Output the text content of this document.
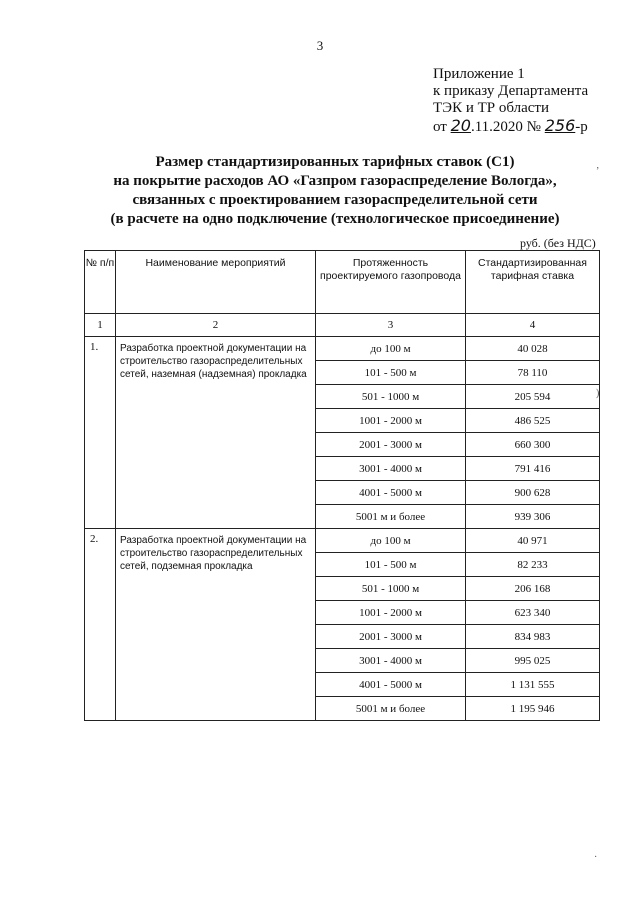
3
Приложение 1
к приказу Департамента
ТЭК и ТР области
от 20.11.2020 № 256-р
Размер стандартизированных тарифных ставок (С1)
на покрытие расходов АО «Газпром газораспределение Вологда»,
связанных с проектированием газораспределительной сети
(в расчете на одно подключение (технологическое присоединение)
руб. (без НДС)
№ п/п	Наименование мероприятий	Протяженность проектируемого газопровода	Стандартизированная тарифная ставка
1	2	3	4
1.	Разработка проектной документации на строительство газораспределительных сетей, наземная (надземная) прокладка	до 100 м	40 028
		101 - 500 м	78 110
		501 - 1000 м	205 594
		1001 - 2000 м	486 525
		2001 - 3000 м	660 300
		3001 - 4000 м	791 416
		4001 - 5000 м	900 628
		5001 м и более	939 306
2.	Разработка проектной документации на строительство газораспределительных сетей, подземная прокладка	до 100 м	40 971
		101 - 500 м	82 233
		501 - 1000 м	206 168
		1001 - 2000 м	623 340
		2001 - 3000 м	834 983
		3001 - 4000 м	995 025
		4001 - 5000 м	1 131 555
		5001 м и более	1 195 946
‚
)
·
